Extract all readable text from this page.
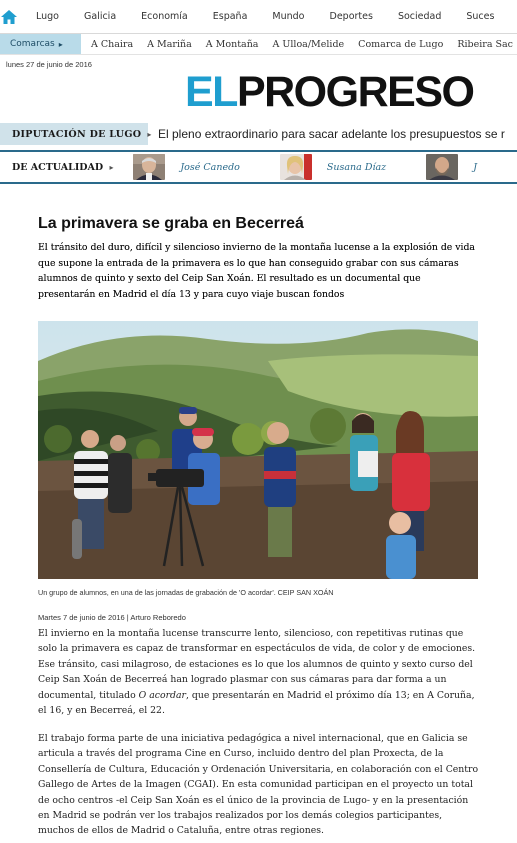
Lugo	Galicia	Economía	España	Mundo	Deportes	Sociedad	Suces
Comarcas ▸	A Chaira A Mariña A Montaña A Ulloa/Melide Comarca de Lugo Ribeira Sac
lunes 27 de junio de 2016
ELPROGRESO
DIPUTACIÓN DE LUGO ▸ El pleno extraordinario para sacar adelante los presupuestos se r
DE ACTUALIDAD ▸	José Canedo	Susana Díaz	J
La primavera se graba en Becerreá

El tránsito del duro, difícil y silencioso invierno de la montaña lucense a la explosión de vida que supone la entrada de la primavera es lo que han conseguido grabar con sus cámaras alumnos de quinto y sexto del Ceip San Xoán. El resultado es un documental que presentarán en Madrid el día 13 y para cuyo viaje buscan fondos

Un grupo de alumnos, en una de las jornadas de grabación de 'O acordar'. CEIP SAN XOÁN
Martes 7 de junio de 2016 | Arturo Reboredo

El invierno en la montaña lucense transcurre lento, silencioso, con repetitivas rutinas que solo la primavera es capaz de transformar en espectáculos de vida, de color y de emociones. Ese tránsito, casi milagroso, de estaciones es lo que los alumnos de quinto y sexto curso del Ceip San Xoán de Becerreá han logrado plasmar con sus cámaras para dar forma a un documental, titulado O acordar, que presentarán en Madrid el próximo día 13; en A Coruña, el 16, y en Becerreá, el 22.

El trabajo forma parte de una iniciativa pedagógica a nivel internacional, que en Galicia se articula a través del programa Cine en Curso, incluido dentro del plan Proxecta, de la Consellería de Cultura, Educación y Ordenación Universitaria, en colaboración con el Centro Gallego de Artes de la Imagen (CGAI). En esta comunidad participan en el proyecto un total de ocho centros -el Ceip San Xoán es el único de la provincia de Lugo- y en la presentación en Madrid se podrán ver los trabajos realizados por los demás colegios participantes, muchos de ellos de Madrid o Cataluña, entre otras regiones.
